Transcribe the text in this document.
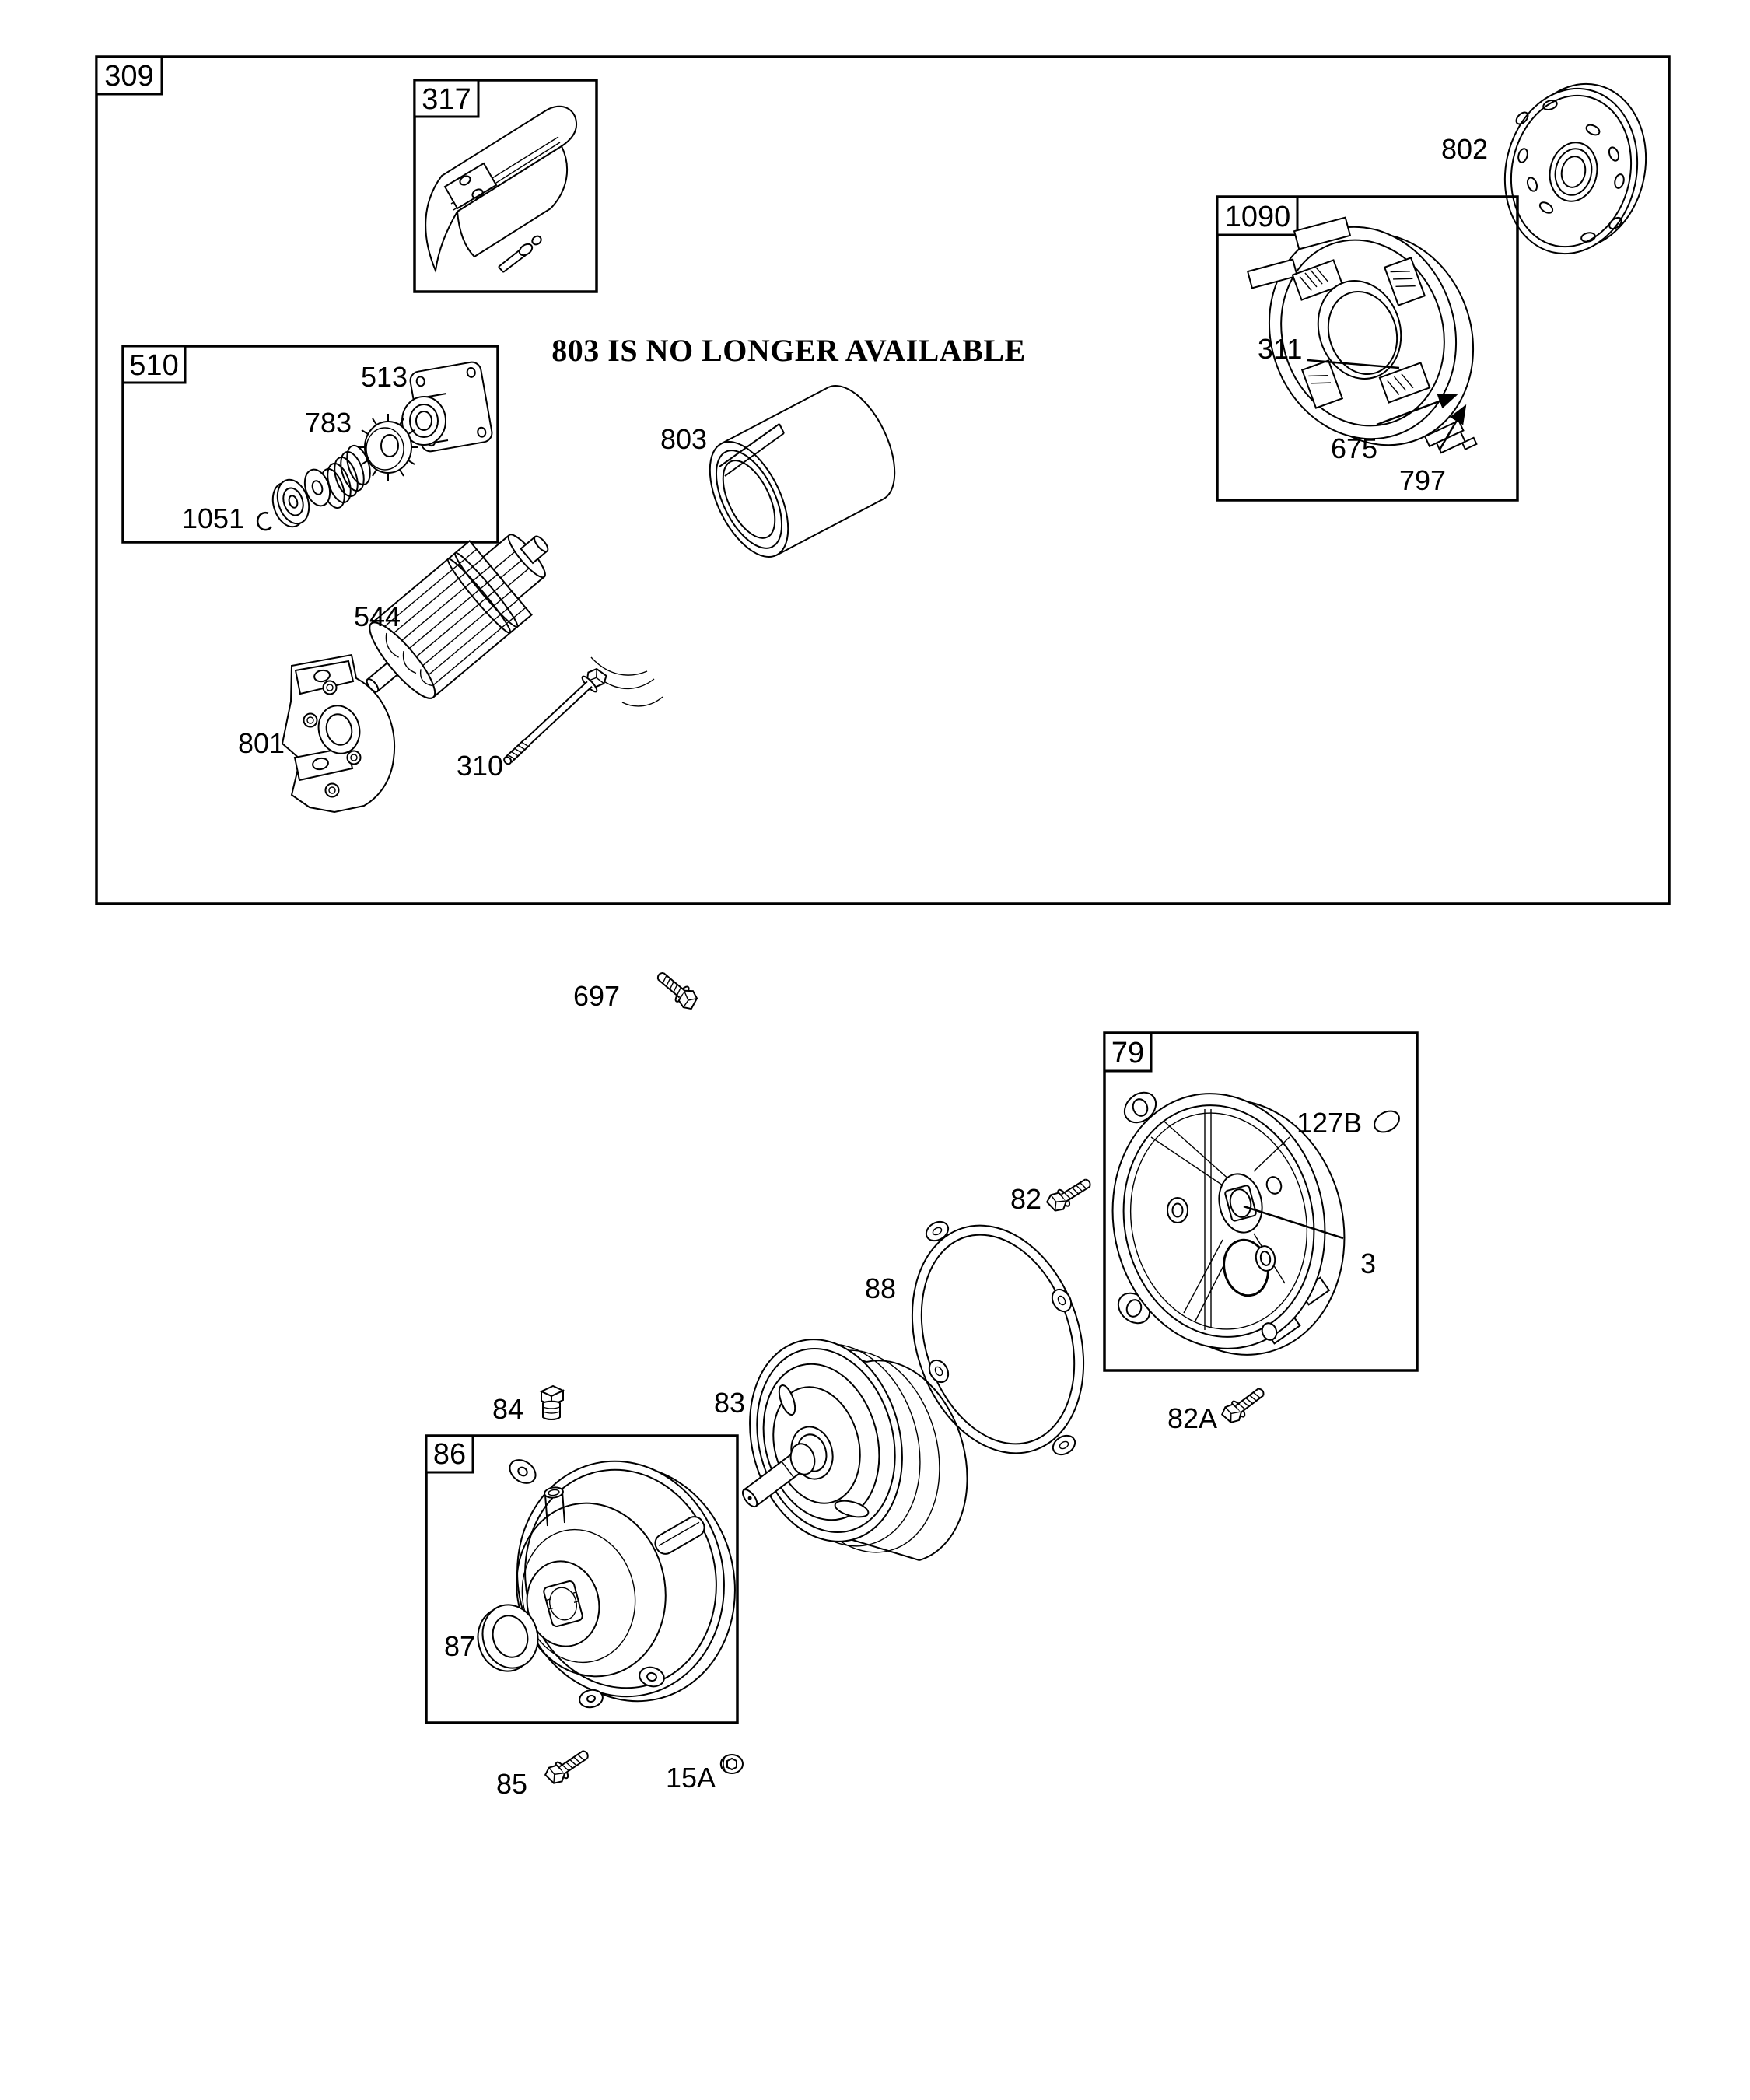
309
802
1090
311
675
797
317
510	513
783
1051
803 IS NO LONGER AVAILABLE
803
544
801
310
697
79
127B
3
82
88
83
84
86
87
82A
85	15A
